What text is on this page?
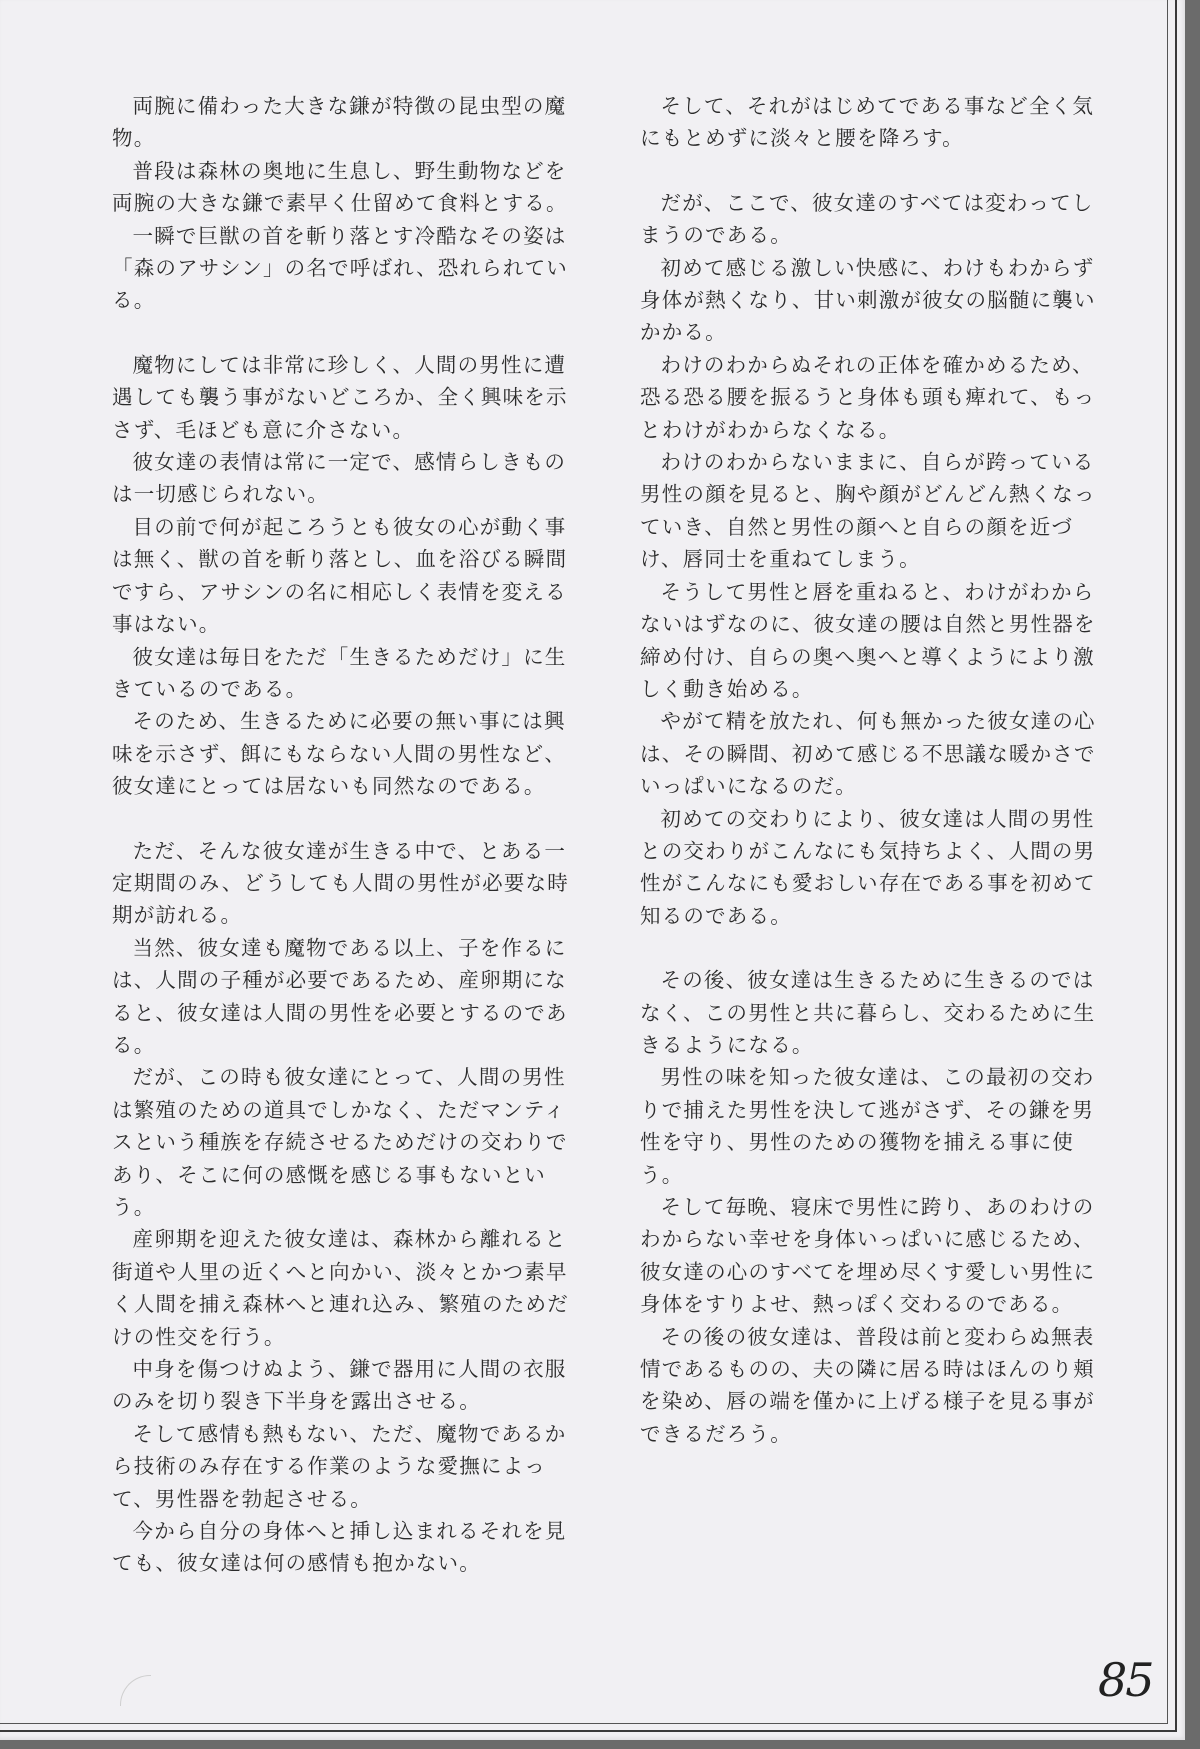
両腕に備わった大きな鎌が特徴の昆虫型の魔物。

普段は森林の奥地に生息し、野生動物などを両腕の大きな鎌で素早く仕留めて食料とする。

一瞬で巨獣の首を斬り落とす冷酷なその姿は「森のアサシン」の名で呼ばれ、恐れられている。

魔物にしては非常に珍しく、人間の男性に遭遇しても襲う事がないどころか、全く興味を示さず、毛ほども意に介さない。

彼女達の表情は常に一定で、感情らしきものは一切感じられない。

目の前で何が起ころうとも彼女の心が動く事は無く、獣の首を斬り落とし、血を浴びる瞬間ですら、アサシンの名に相応しく表情を変える事はない。

彼女達は毎日をただ「生きるためだけ」に生きているのである。

そのため、生きるために必要の無い事には興味を示さず、餌にもならない人間の男性など、彼女達にとっては居ないも同然なのである。

ただ、そんな彼女達が生きる中で、とある一定期間のみ、どうしても人間の男性が必要な時期が訪れる。

当然、彼女達も魔物である以上、子を作るには、人間の子種が必要であるため、産卵期になると、彼女達は人間の男性を必要とするのである。

だが、この時も彼女達にとって、人間の男性は繁殖のための道具でしかなく、ただマンティスという種族を存続させるためだけの交わりであり、そこに何の感慨を感じる事もないという。

産卵期を迎えた彼女達は、森林から離れると街道や人里の近くへと向かい、淡々とかつ素早く人間を捕え森林へと連れ込み、繁殖のためだけの性交を行う。

中身を傷つけぬよう、鎌で器用に人間の衣服のみを切り裂き下半身を露出させる。

そして感情も熱もない、ただ、魔物であるから技術のみ存在する作業のような愛撫によって、男性器を勃起させる。

今から自分の身体へと挿し込まれるそれを見ても、彼女達は何の感情も抱かない。

そして、それがはじめてである事など全く気にもとめずに淡々と腰を降ろす。

だが、ここで、彼女達のすべては変わってしまうのである。

初めて感じる激しい快感に、わけもわからず身体が熱くなり、甘い刺激が彼女の脳髄に襲いかかる。

わけのわからぬそれの正体を確かめるため、恐る恐る腰を振るうと身体も頭も痺れて、もっとわけがわからなくなる。

わけのわからないままに、自らが跨っている男性の顔を見ると、胸や顔がどんどん熱くなっていき、自然と男性の顔へと自らの顔を近づけ、唇同士を重ねてしまう。

そうして男性と唇を重ねると、わけがわからないはずなのに、彼女達の腰は自然と男性器を締め付け、自らの奥へ奥へと導くようにより激しく動き始める。

やがて精を放たれ、何も無かった彼女達の心は、その瞬間、初めて感じる不思議な暖かさでいっぱいになるのだ。

初めての交わりにより、彼女達は人間の男性との交わりがこんなにも気持ちよく、人間の男性がこんなにも愛おしい存在である事を初めて知るのである。

その後、彼女達は生きるために生きるのではなく、この男性と共に暮らし、交わるために生きるようになる。

男性の味を知った彼女達は、この最初の交わりで捕えた男性を決して逃がさず、その鎌を男性を守り、男性のための獲物を捕える事に使う。

そして毎晩、寝床で男性に跨り、あのわけのわからない幸せを身体いっぱいに感じるため、彼女達の心のすべてを埋め尽くす愛しい男性に身体をすりよせ、熱っぽく交わるのである。

その後の彼女達は、普段は前と変わらぬ無表情であるものの、夫の隣に居る時はほんのり頬を染め、唇の端を僅かに上げる様子を見る事ができるだろう。

85
